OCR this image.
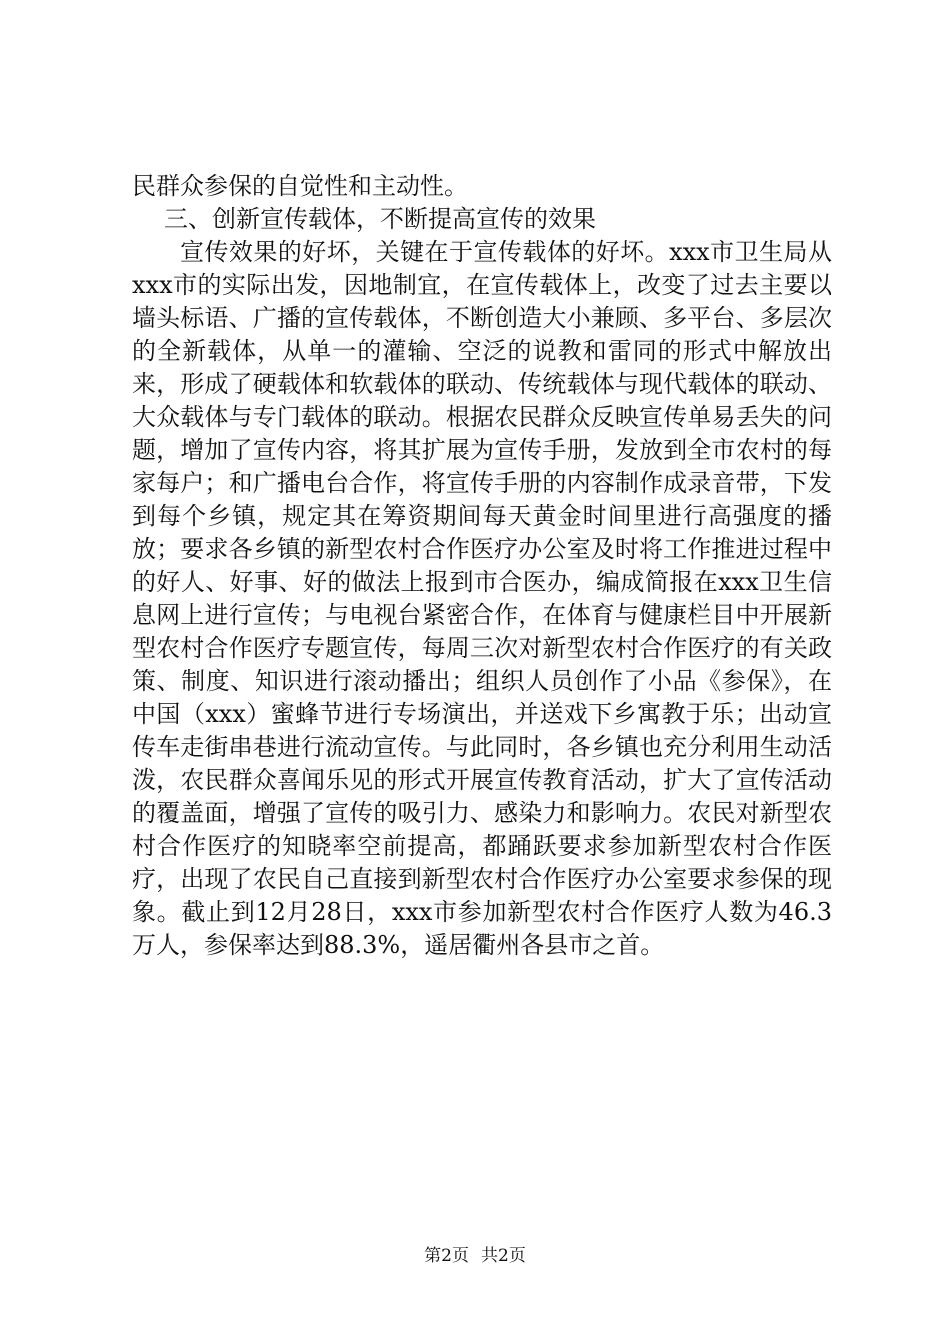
民群众参保的自觉性和主动性。

三、创新宣传载体，不断提高宣传的效果

宣传效果的好坏，关键在于宣传载体的好坏。xxx市卫生局从xxx市的实际出发，因地制宜，在宣传载体上，改变了过去主要以墙头标语、广播的宣传载体，不断创造大小兼顾、多平台、多层次的全新载体，从单一的灌输、空泛的说教和雷同的形式中解放出来，形成了硬载体和软载体的联动、传统载体与现代载体的联动、大众载体与专门载体的联动。根据农民群众反映宣传单易丢失的问题，增加了宣传内容，将其扩展为宣传手册，发放到全市农村的每家每户；和广播电台合作，将宣传手册的内容制作成录音带，下发到每个乡镇，规定其在筹资期间每天黄金时间里进行高强度的播放；要求各乡镇的新型农村合作医疗办公室及时将工作推进过程中的好人、好事、好的做法上报到市合医办，编成简报在xxx卫生信息网上进行宣传；与电视台紧密合作，在体育与健康栏目中开展新型农村合作医疗专题宣传，每周三次对新型农村合作医疗的有关政策、制度、知识进行滚动播出；组织人员创作了小品《参保》，在中国（xxx）蜜蜂节进行专场演出，并送戏下乡寓教于乐；出动宣传车走街串巷进行流动宣传。与此同时，各乡镇也充分利用生动活泼，农民群众喜闻乐见的形式开展宣传教育活动，扩大了宣传活动的覆盖面，增强了宣传的吸引力、感染力和影响力。农民对新型农村合作医疗的知晓率空前提高，都踊跃要求参加新型农村合作医疗，出现了农民自己直接到新型农村合作医疗办公室要求参保的现象。截止到12月28日，xxx市参加新型农村合作医疗人数为46.3万人，参保率达到88.3%，遥居衢州各县市之首。

第2页 共2页
